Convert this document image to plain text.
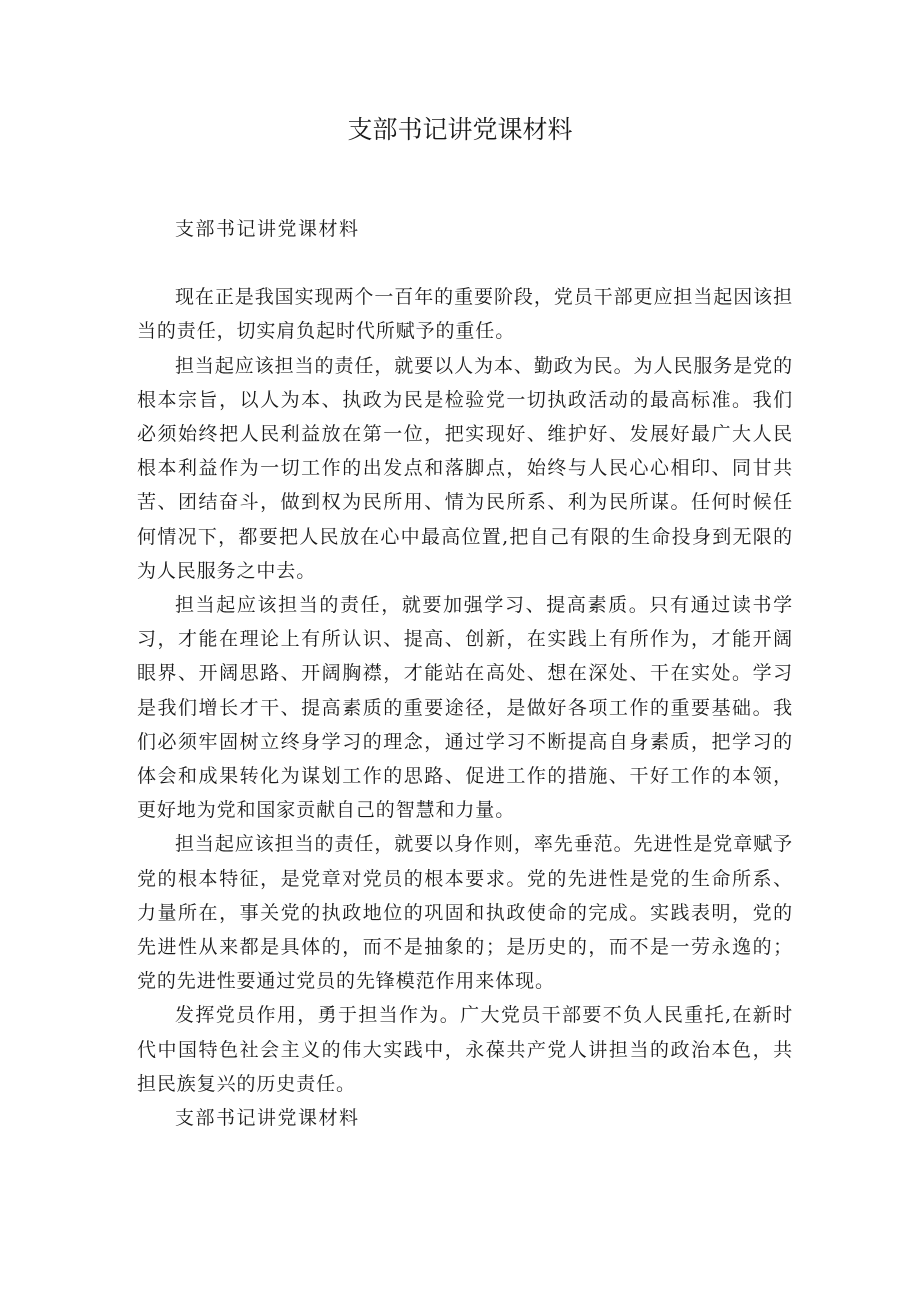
支部书记讲党课材料

支部书记讲党课材料

现在正是我国实现两个一百年的重要阶段，党员干部更应担当起因该担当的责任，切实肩负起时代所赋予的重任。

担当起应该担当的责任，就要以人为本、勤政为民。为人民服务是党的根本宗旨，以人为本、执政为民是检验党一切执政活动的最高标准。我们必须始终把人民利益放在第一位，把实现好、维护好、发展好最广大人民根本利益作为一切工作的出发点和落脚点，始终与人民心心相印、同甘共苦、团结奋斗，做到权为民所用、情为民所系、利为民所谋。任何时候任何情况下，都要把人民放在心中最高位置,把自己有限的生命投身到无限的为人民服务之中去。

担当起应该担当的责任，就要加强学习、提高素质。只有通过读书学习，才能在理论上有所认识、提高、创新，在实践上有所作为，才能开阔眼界、开阔思路、开阔胸襟，才能站在高处、想在深处、干在实处。学习是我们增长才干、提高素质的重要途径，是做好各项工作的重要基础。我们必须牢固树立终身学习的理念，通过学习不断提高自身素质，把学习的体会和成果转化为谋划工作的思路、促进工作的措施、干好工作的本领，更好地为党和国家贡献自己的智慧和力量。

担当起应该担当的责任，就要以身作则，率先垂范。先进性是党章赋予党的根本特征，是党章对党员的根本要求。党的先进性是党的生命所系、力量所在，事关党的执政地位的巩固和执政使命的完成。实践表明，党的先进性从来都是具体的，而不是抽象的；是历史的，而不是一劳永逸的；党的先进性要通过党员的先锋模范作用来体现。

发挥党员作用，勇于担当作为。广大党员干部要不负人民重托,在新时代中国特色社会主义的伟大实践中，永葆共产党人讲担当的政治本色，共担民族复兴的历史责任。

支部书记讲党课材料
